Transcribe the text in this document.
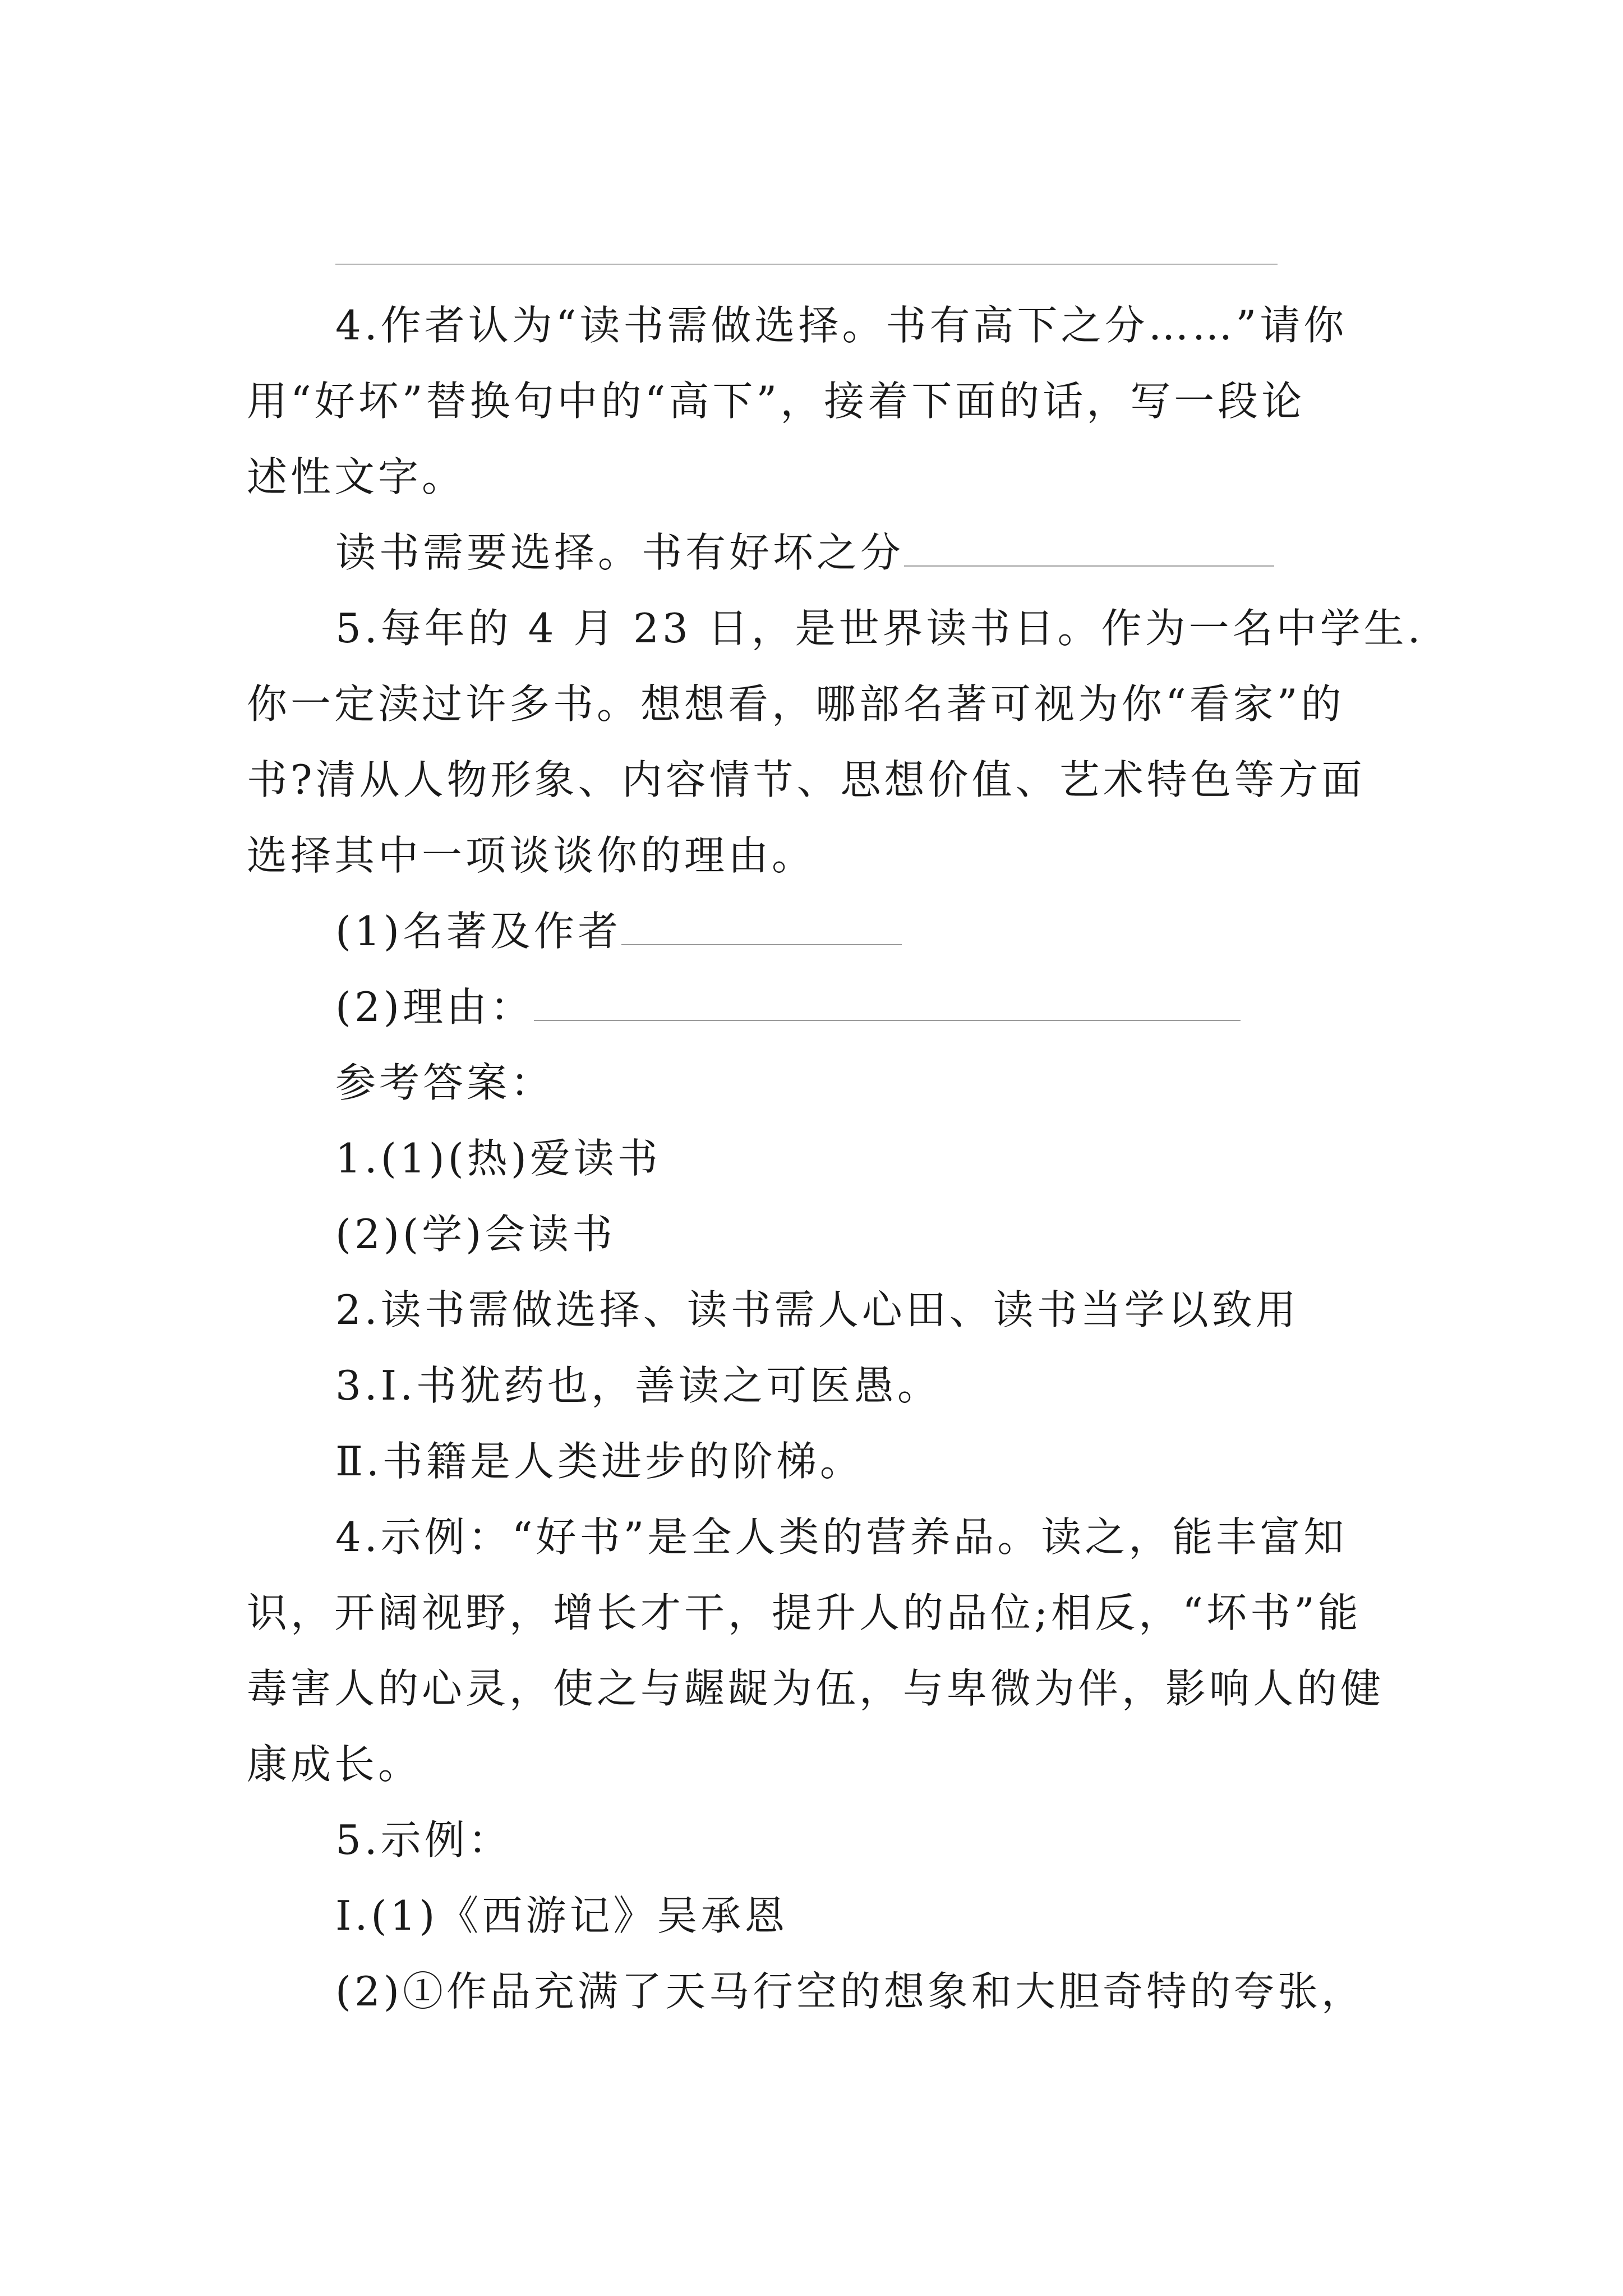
4.作者认为“读书需做选择。书有高下之分……”请你
用“好坏”替换句中的“高下”，接着下面的话，写一段论
述性文字。
读书需要选择。书有好坏之分
5.每年的 4 月 23 日，是世界读书日。作为一名中学生.
你一定渎过许多书。想想看，哪部名著可视为你“看家”的
书?清从人物形象、内容情节、思想价值、艺术特色等方面
选择其中一项谈谈你的理由。
(1)名著及作者
(2)理由：
参考答案：
1.(1)(热)爱读书
(2)(学)会读书
2.读书需做选择、读书需人心田、读书当学以致用
3.I.书犹药也，善读之可医愚。
Ⅱ.书籍是人类进步的阶梯。
4.示例：“好书”是全人类的营养品。读之，能丰富知
识，开阔视野，增长才干，提升人的品位;相反，“坏书”能
毒害人的心灵，使之与龌龊为伍，与卑微为伴，影响人的健
康成长。
5.示例：
I.(1)《西游记》吴承恩
(2)①作品充满了天马行空的想象和大胆奇特的夸张，
